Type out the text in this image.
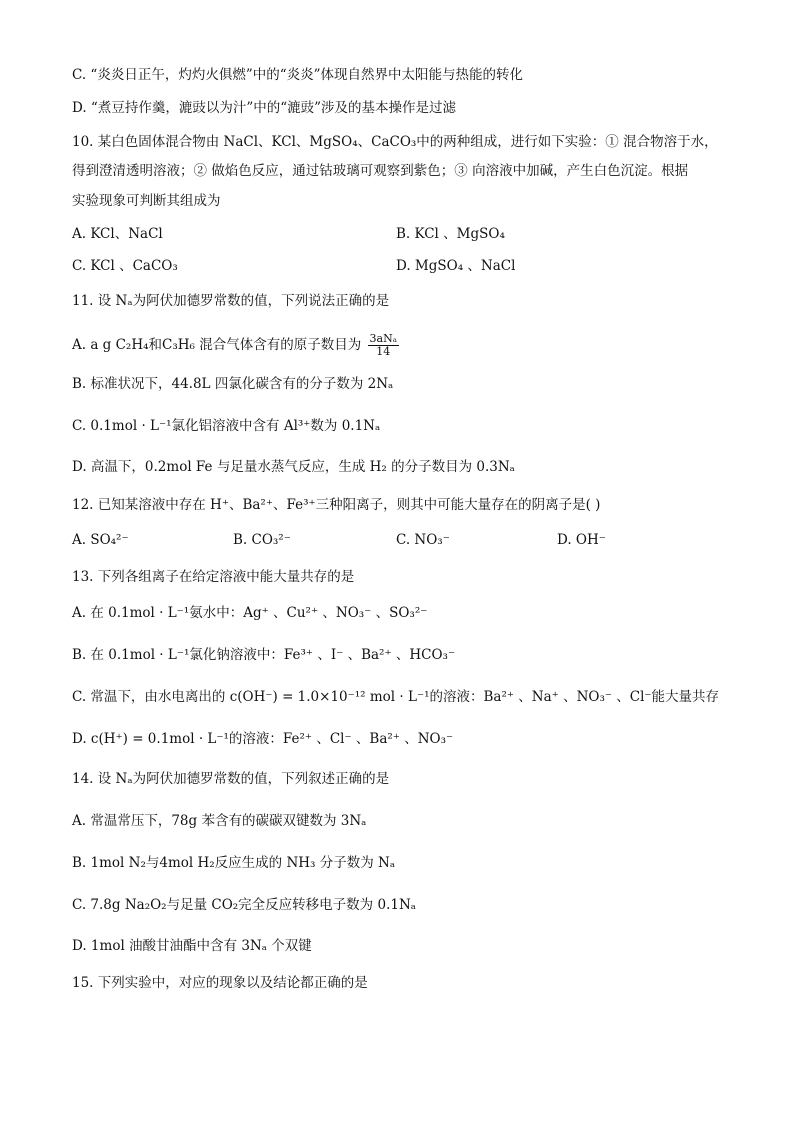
C. “炎炎日正午，灼灼火俱燃”中的“炎炎”体现自然界中太阳能与热能的转化
D. “煮豆持作羹，漉豉以为汁”中的“漉豉”涉及的基本操作是过滤
10. 某白色固体混合物由 NaCl、KCl、MgSO₄、CaCO₃中的两种组成，进行如下实验：① 混合物溶于水，
得到澄清透明溶液；② 做焰色反应，通过钴玻璃可观察到紫色；③ 向溶液中加碱，产生白色沉淀。根据
实验现象可判断其组成为
A. KCl、NaCl	B. KCl 、MgSO₄
C. KCl 、CaCO₃	D. MgSO₄ 、NaCl
11. 设 Nₐ为阿伏加德罗常数的值，下列说法正确的是
A. a g C₂H₄和C₃H₆ 混合气体含有的原子数目为 $\frac{\text{3aNₐ}}{14}$
B. 标准状况下，44.8L 四氯化碳含有的分子数为 2Nₐ
C. 0.1mol · L⁻¹氯化铝溶液中含有 Al³⁺数为 0.1Nₐ
D. 高温下，0.2mol Fe 与足量水蒸气反应，生成 H₂ 的分子数目为 0.3Nₐ
12. 已知某溶液中存在 H⁺、Ba²⁺、Fe³⁺三种阳离子，则其中可能大量存在的阴离子是( )
A. SO₄²⁻	B. CO₃²⁻	C. NO₃⁻	D. OH⁻
13. 下列各组离子在给定溶液中能大量共存的是
A. 在 0.1mol · L⁻¹氨水中：Ag⁺ 、Cu²⁺ 、NO₃⁻ 、SO₃²⁻
B. 在 0.1mol · L⁻¹氯化钠溶液中：Fe³⁺ 、I⁻ 、Ba²⁺ 、HCO₃⁻
C. 常温下，由水电离出的 c(OH⁻) = 1.0×10⁻¹² mol · L⁻¹的溶液：Ba²⁺ 、Na⁺ 、NO₃⁻ 、Cl⁻能大量共存
D. c(H⁺) = 0.1mol · L⁻¹的溶液：Fe²⁺ 、Cl⁻ 、Ba²⁺ 、NO₃⁻
14. 设 Nₐ为阿伏加德罗常数的值，下列叙述正确的是
A. 常温常压下，78g 苯含有的碳碳双键数为 3Nₐ
B. 1mol N₂与4mol H₂反应生成的 NH₃ 分子数为 Nₐ
C. 7.8g Na₂O₂与足量 CO₂完全反应转移电子数为 0.1Nₐ
D. 1mol 油酸甘油酯中含有 3Nₐ 个双键
15. 下列实验中，对应的现象以及结论都正确的是
